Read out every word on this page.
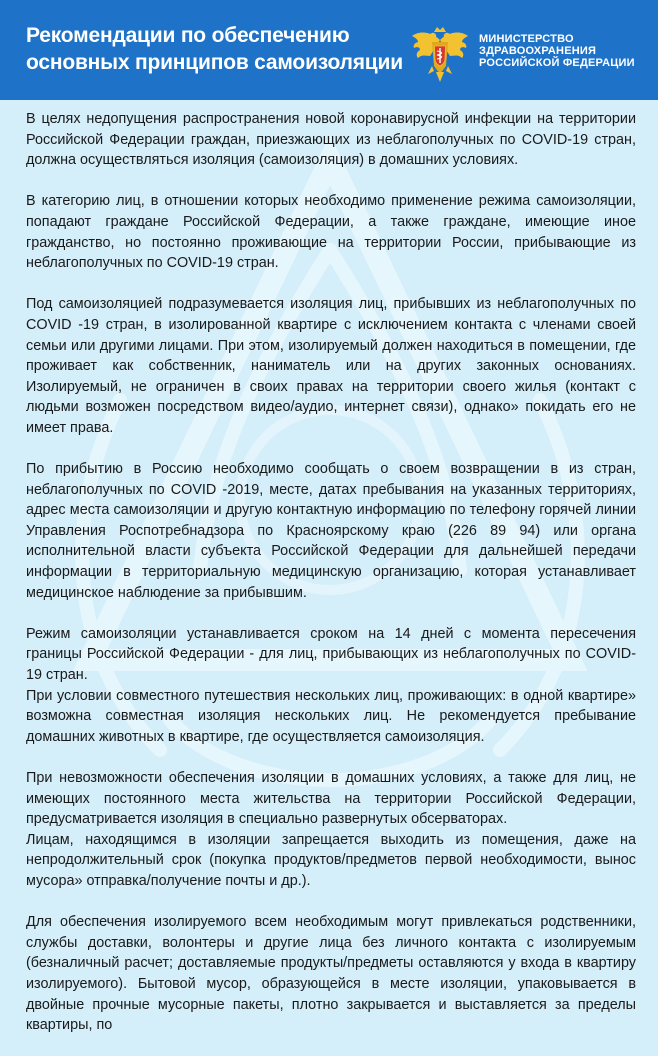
Рекомендации по обеспечению
основных принципов самоизоляции
МИНИСТЕРСТВО
ЗДРАВООХРАНЕНИЯ
РОССИЙСКОЙ ФЕДЕРАЦИИ

В целях недопущения распространения новой коронавирусной инфекции на территории Российской Федерации граждан, приезжающих из неблагополучных по COVID-19 стран, должна осуществляться изоляция (самоизоляция) в домашних условиях.

В категорию лиц, в отношении которых необходимо применение режима самоизоляции, попадают граждане Российской Федерации, а также граждане, имеющие иное гражданство, но постоянно проживающие на территории России, прибывающие из неблагополучных по COVID-19 стран.

Под самоизоляцией подразумевается изоляция лиц, прибывших из неблагополучных по COVID -19 стран, в изолированной квартире с исключением контакта с членами своей семьи или другими лицами. При этом, изолируемый должен находиться в помещении, где проживает как собственник, наниматель или на других законных основаниях. Изолируемый, не ограничен в своих правах на территории своего жилья (контакт с людьми возможен посредством видео/аудио, интернет связи), однако» покидать его не имеет права.

По прибытию в Россию необходимо сообщать о своем возвращении в из стран, неблагополучных по COVID -2019, месте, датах пребывания на указанных территориях, адрес места самоизоляции и другую контактную информацию по телефону горячей линии Управления Роспотребнадзора по Красноярскому краю (226 89 94) или органа исполнительной власти субъекта Российской Федерации для дальнейшей передачи информации в территориальную медицинскую организацию, которая устанавливает медицинское наблюдение за прибывшим.

Режим самоизоляции устанавливается сроком на 14 дней с момента пересечения границы Российской Федерации - для лиц, прибывающих из неблагополучных по COVID-19 стран.

При условии совместного путешествия нескольких лиц, проживающих: в одной квартире» возможна совместная изоляция нескольких лиц. Не рекомендуется пребывание домашних животных в квартире, где осуществляется самоизоляция.

При невозможности обеспечения изоляции в домашних условиях, а также для лиц, не имеющих постоянного места жительства на территории Российской Федерации, предусматривается изоляция в специально развернутых обсерваторах.

Лицам, находящимся в изоляции запрещается выходить из помещения, даже на непродолжительный срок (покупка продуктов/предметов первой необходимости, вынос мусора» отправка/получение почты и др.).

Для обеспечения изолируемого всем необходимым могут привлекаться родственники, службы доставки, волонтеры и другие лица без личного контакта с изолируемым (безналичный расчет; доставляемые продукты/предметы оставляются у входа в квартиру изолируемого). Бытовой мусор, образующейся в месте изоляции, упаковывается в двойные прочные мусорные пакеты, плотно закрывается и выставляется за пределы квартиры, по
